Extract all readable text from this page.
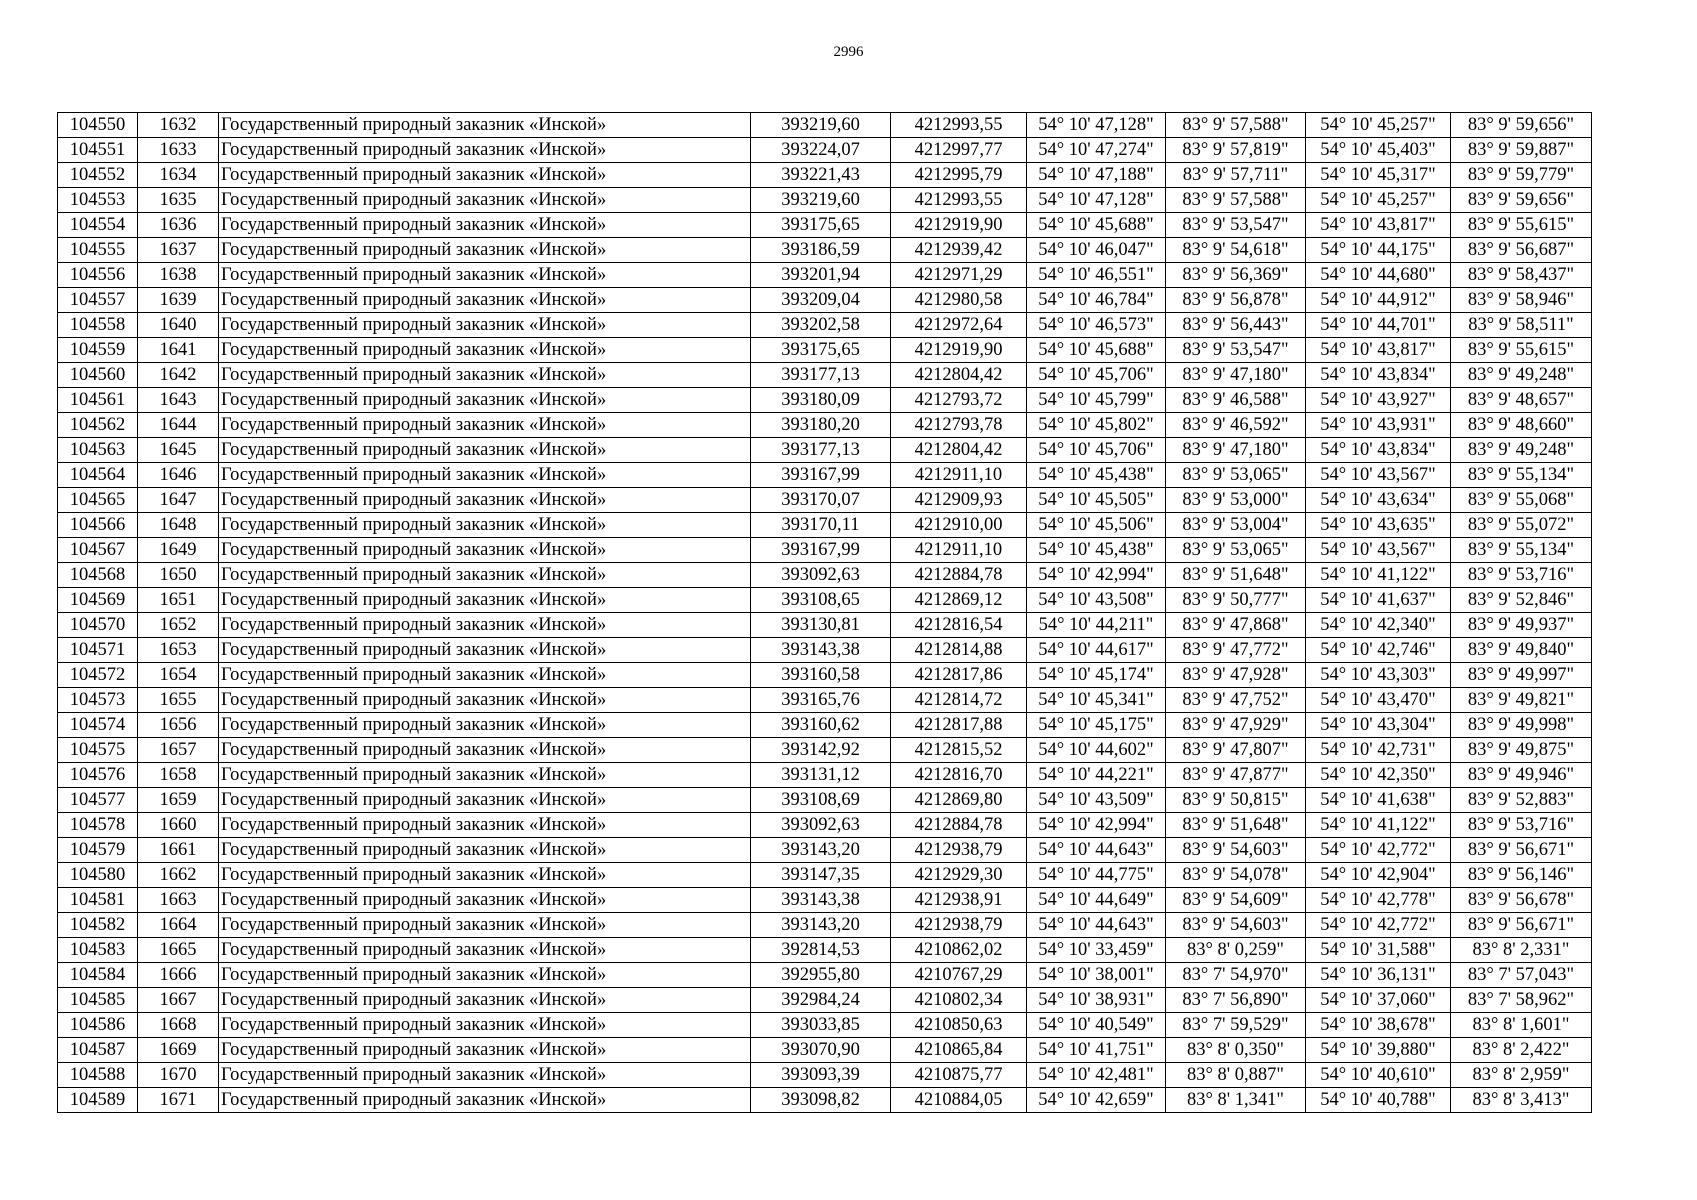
2996
104550	1632	Государственный природный заказник «Инской»	393219,60	4212993,55	54° 10' 47,128"	83° 9' 57,588"	54° 10' 45,257"	83° 9' 59,656"
104551	1633	Государственный природный заказник «Инской»	393224,07	4212997,77	54° 10' 47,274"	83° 9' 57,819"	54° 10' 45,403"	83° 9' 59,887"
104552	1634	Государственный природный заказник «Инской»	393221,43	4212995,79	54° 10' 47,188"	83° 9' 57,711"	54° 10' 45,317"	83° 9' 59,779"
104553	1635	Государственный природный заказник «Инской»	393219,60	4212993,55	54° 10' 47,128"	83° 9' 57,588"	54° 10' 45,257"	83° 9' 59,656"
104554	1636	Государственный природный заказник «Инской»	393175,65	4212919,90	54° 10' 45,688"	83° 9' 53,547"	54° 10' 43,817"	83° 9' 55,615"
104555	1637	Государственный природный заказник «Инской»	393186,59	4212939,42	54° 10' 46,047"	83° 9' 54,618"	54° 10' 44,175"	83° 9' 56,687"
104556	1638	Государственный природный заказник «Инской»	393201,94	4212971,29	54° 10' 46,551"	83° 9' 56,369"	54° 10' 44,680"	83° 9' 58,437"
104557	1639	Государственный природный заказник «Инской»	393209,04	4212980,58	54° 10' 46,784"	83° 9' 56,878"	54° 10' 44,912"	83° 9' 58,946"
104558	1640	Государственный природный заказник «Инской»	393202,58	4212972,64	54° 10' 46,573"	83° 9' 56,443"	54° 10' 44,701"	83° 9' 58,511"
104559	1641	Государственный природный заказник «Инской»	393175,65	4212919,90	54° 10' 45,688"	83° 9' 53,547"	54° 10' 43,817"	83° 9' 55,615"
104560	1642	Государственный природный заказник «Инской»	393177,13	4212804,42	54° 10' 45,706"	83° 9' 47,180"	54° 10' 43,834"	83° 9' 49,248"
104561	1643	Государственный природный заказник «Инской»	393180,09	4212793,72	54° 10' 45,799"	83° 9' 46,588"	54° 10' 43,927"	83° 9' 48,657"
104562	1644	Государственный природный заказник «Инской»	393180,20	4212793,78	54° 10' 45,802"	83° 9' 46,592"	54° 10' 43,931"	83° 9' 48,660"
104563	1645	Государственный природный заказник «Инской»	393177,13	4212804,42	54° 10' 45,706"	83° 9' 47,180"	54° 10' 43,834"	83° 9' 49,248"
104564	1646	Государственный природный заказник «Инской»	393167,99	4212911,10	54° 10' 45,438"	83° 9' 53,065"	54° 10' 43,567"	83° 9' 55,134"
104565	1647	Государственный природный заказник «Инской»	393170,07	4212909,93	54° 10' 45,505"	83° 9' 53,000"	54° 10' 43,634"	83° 9' 55,068"
104566	1648	Государственный природный заказник «Инской»	393170,11	4212910,00	54° 10' 45,506"	83° 9' 53,004"	54° 10' 43,635"	83° 9' 55,072"
104567	1649	Государственный природный заказник «Инской»	393167,99	4212911,10	54° 10' 45,438"	83° 9' 53,065"	54° 10' 43,567"	83° 9' 55,134"
104568	1650	Государственный природный заказник «Инской»	393092,63	4212884,78	54° 10' 42,994"	83° 9' 51,648"	54° 10' 41,122"	83° 9' 53,716"
104569	1651	Государственный природный заказник «Инской»	393108,65	4212869,12	54° 10' 43,508"	83° 9' 50,777"	54° 10' 41,637"	83° 9' 52,846"
104570	1652	Государственный природный заказник «Инской»	393130,81	4212816,54	54° 10' 44,211"	83° 9' 47,868"	54° 10' 42,340"	83° 9' 49,937"
104571	1653	Государственный природный заказник «Инской»	393143,38	4212814,88	54° 10' 44,617"	83° 9' 47,772"	54° 10' 42,746"	83° 9' 49,840"
104572	1654	Государственный природный заказник «Инской»	393160,58	4212817,86	54° 10' 45,174"	83° 9' 47,928"	54° 10' 43,303"	83° 9' 49,997"
104573	1655	Государственный природный заказник «Инской»	393165,76	4212814,72	54° 10' 45,341"	83° 9' 47,752"	54° 10' 43,470"	83° 9' 49,821"
104574	1656	Государственный природный заказник «Инской»	393160,62	4212817,88	54° 10' 45,175"	83° 9' 47,929"	54° 10' 43,304"	83° 9' 49,998"
104575	1657	Государственный природный заказник «Инской»	393142,92	4212815,52	54° 10' 44,602"	83° 9' 47,807"	54° 10' 42,731"	83° 9' 49,875"
104576	1658	Государственный природный заказник «Инской»	393131,12	4212816,70	54° 10' 44,221"	83° 9' 47,877"	54° 10' 42,350"	83° 9' 49,946"
104577	1659	Государственный природный заказник «Инской»	393108,69	4212869,80	54° 10' 43,509"	83° 9' 50,815"	54° 10' 41,638"	83° 9' 52,883"
104578	1660	Государственный природный заказник «Инской»	393092,63	4212884,78	54° 10' 42,994"	83° 9' 51,648"	54° 10' 41,122"	83° 9' 53,716"
104579	1661	Государственный природный заказник «Инской»	393143,20	4212938,79	54° 10' 44,643"	83° 9' 54,603"	54° 10' 42,772"	83° 9' 56,671"
104580	1662	Государственный природный заказник «Инской»	393147,35	4212929,30	54° 10' 44,775"	83° 9' 54,078"	54° 10' 42,904"	83° 9' 56,146"
104581	1663	Государственный природный заказник «Инской»	393143,38	4212938,91	54° 10' 44,649"	83° 9' 54,609"	54° 10' 42,778"	83° 9' 56,678"
104582	1664	Государственный природный заказник «Инской»	393143,20	4212938,79	54° 10' 44,643"	83° 9' 54,603"	54° 10' 42,772"	83° 9' 56,671"
104583	1665	Государственный природный заказник «Инской»	392814,53	4210862,02	54° 10' 33,459"	83° 8' 0,259"	54° 10' 31,588"	83° 8' 2,331"
104584	1666	Государственный природный заказник «Инской»	392955,80	4210767,29	54° 10' 38,001"	83° 7' 54,970"	54° 10' 36,131"	83° 7' 57,043"
104585	1667	Государственный природный заказник «Инской»	392984,24	4210802,34	54° 10' 38,931"	83° 7' 56,890"	54° 10' 37,060"	83° 7' 58,962"
104586	1668	Государственный природный заказник «Инской»	393033,85	4210850,63	54° 10' 40,549"	83° 7' 59,529"	54° 10' 38,678"	83° 8' 1,601"
104587	1669	Государственный природный заказник «Инской»	393070,90	4210865,84	54° 10' 41,751"	83° 8' 0,350"	54° 10' 39,880"	83° 8' 2,422"
104588	1670	Государственный природный заказник «Инской»	393093,39	4210875,77	54° 10' 42,481"	83° 8' 0,887"	54° 10' 40,610"	83° 8' 2,959"
104589	1671	Государственный природный заказник «Инской»	393098,82	4210884,05	54° 10' 42,659"	83° 8' 1,341"	54° 10' 40,788"	83° 8' 3,413"
